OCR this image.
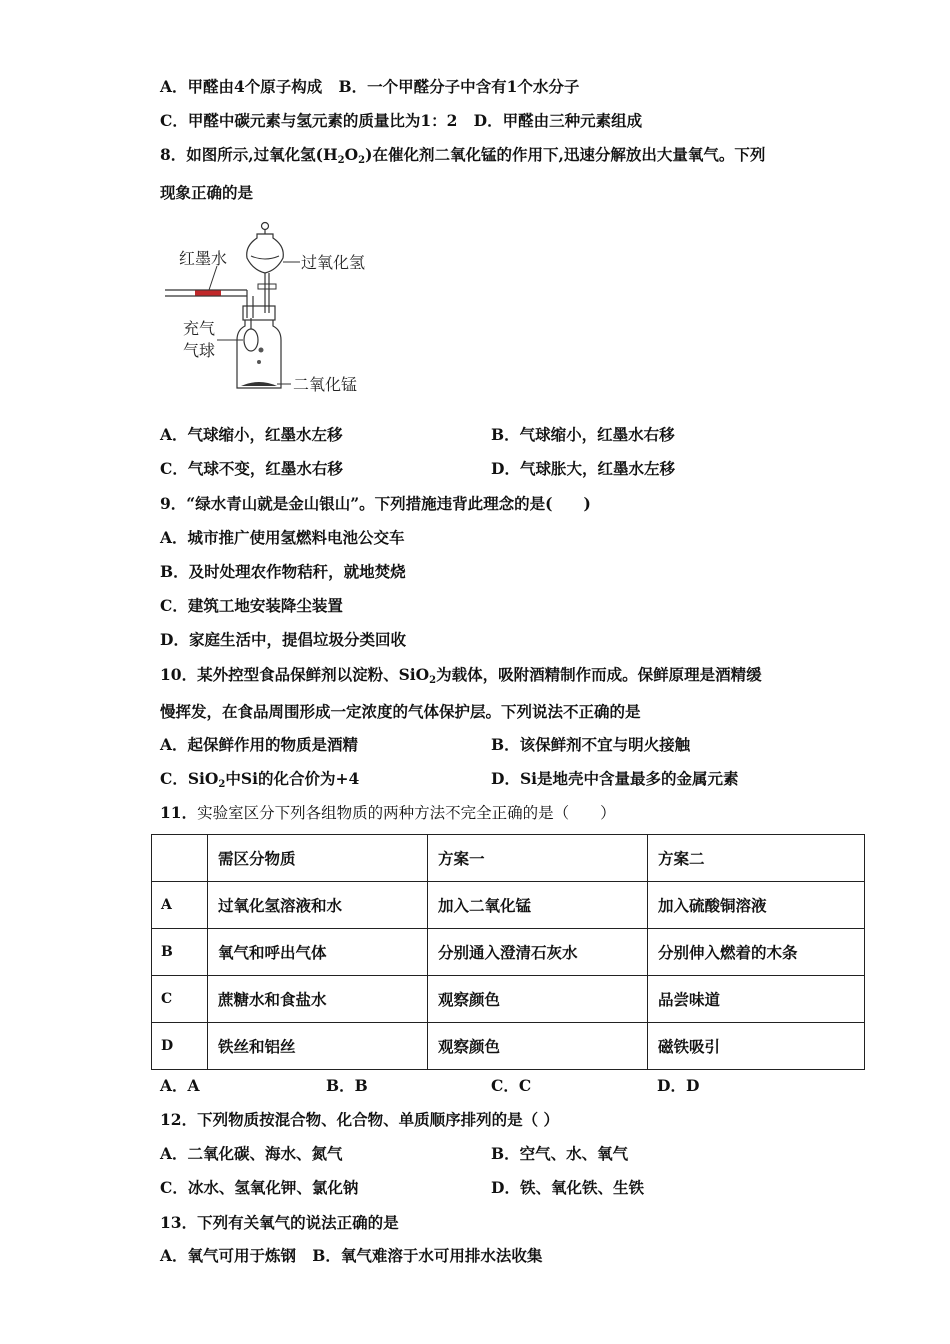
A．甲醛由4个原子构成 B．一个甲醛分子中含有1个水分子
C．甲醛中碳元素与氢元素的质量比为1：2 D．甲醛由三种元素组成
8．如图所示,过氧化氢$(H_2O_2)$在催化剂二氧化锰的作用下,迅速分解放出大量氧气。下列
现象正确的是
过氧化氢
红墨水
二氧化锰
充气
气球
A．气球缩小，红墨水左移	B．气球缩小，红墨水右移
C．气球不变，红墨水右移	D．气球胀大，红墨水左移
9．“绿水青山就是金山银山”。下列措施违背此理念的是(　　)
A．城市推广使用氢燃料电池公交车
B．及时处理农作物秸秆，就地焚烧
C．建筑工地安装降尘装置
D．家庭生活中，提倡垃圾分类回收
10．某外控型食品保鲜剂以淀粉、SiO$_2$为载体，吸附酒精制作而成。保鲜原理是酒精缓
慢挥发，在食品周围形成一定浓度的气体保护层。下列说法不正确的是
A．起保鲜作用的物质是酒精	B．该保鲜剂不宜与明火接触
C．SiO$_2$中Si的化合价为+4	D．Si是地壳中含量最多的金属元素
11．实验室区分下列各组物质的两种方法不完全正确的是（　　）
	需区分物质	方案一	方案二
A	过氧化氢溶液和水	加入二氧化锰	加入硫酸铜溶液
B	氧气和呼出气体	分别通入澄清石灰水	分别伸入燃着的木条
C	蔗糖水和食盐水	观察颜色	品尝味道
D	铁丝和铝丝	观察颜色	磁铁吸引
A．A	B．B	C．C	D．D
12．下列物质按混合物、化合物、单质顺序排列的是（ ）
A．二氧化碳、海水、氮气	B．空气、水、氧气
C．冰水、氢氧化钾、氯化钠	D．铁、氧化铁、生铁
13．下列有关氧气的说法正确的是
A．氧气可用于炼钢 B．氧气难溶于水可用排水法收集
